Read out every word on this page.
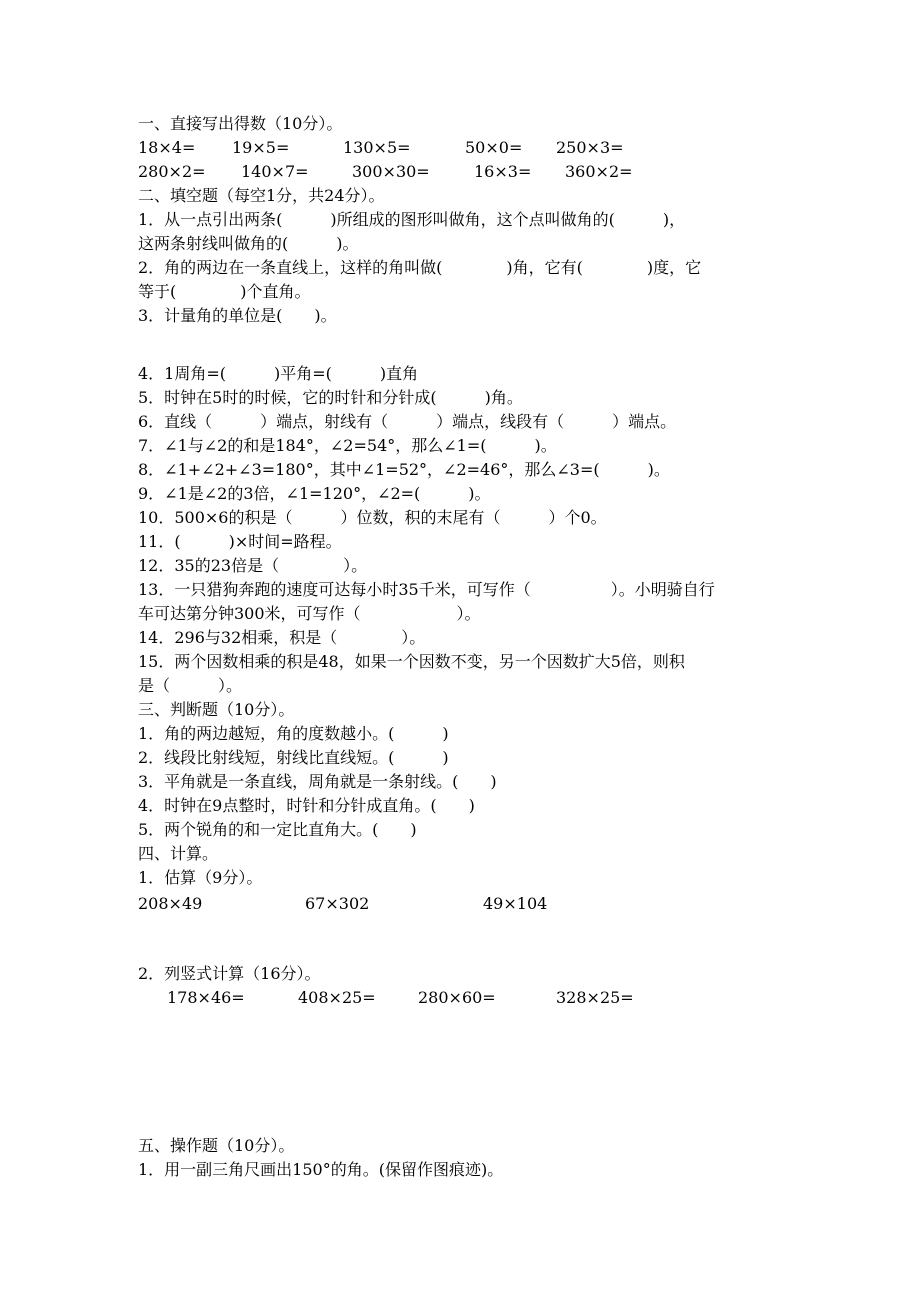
一、直接写出得数（10分）。
18×4= 19×5=	130×5=	50×0= 250×3=
280×2= 140×7=	300×30=	16×3= 360×2=
二、填空题（每空1分，共24分）。
1．从一点引出两条(　　　)所组成的图形叫做角，这个点叫做角的(　　　)，
这两条射线叫做角的(　　　)。
2．角的两边在一条直线上，这样的角叫做(　　　　)角，它有(　　　　)度，它
等于(　　　　)个直角。
3．计量角的单位是(　　)。
4．1周角=(　　　)平角=(　　　)直角
5．时钟在5时的时候，它的时针和分针成(　　　)角。
6．直线（　　　）端点，射线有（　　　）端点，线段有（　　　）端点。
7．∠1与∠2的和是184°，∠2=54°，那么∠1=(　　　)。
8．∠1+∠2+∠3=180°，其中∠1=52°，∠2=46°，那么∠3=(　　　)。
9．∠1是∠2的3倍，∠1=120°，∠2=(　　　)。
10．500×6的积是（　　　）位数，积的末尾有（　　　）个0。
11．(　　　)×时间=路程。
12．35的23倍是（　　　　）。
13．一只猎狗奔跑的速度可达每小时35千米，可写作（　　　　　）。小明骑自行
车可达第分钟300米，可写作（　　　　　　）。
14．296与32相乘，积是（　　　　）。
15．两个因数相乘的积是48，如果一个因数不变，另一个因数扩大5倍，则积
是（　　　）。
三、判断题（10分）。
1．角的两边越短，角的度数越小。(　　　)
2．线段比射线短，射线比直线短。(　　　)
3．平角就是一条直线，周角就是一条射线。(　　)
4．时钟在9点整时，时针和分针成直角。(　　)
5．两个锐角的和一定比直角大。(　　)
四、计算。
1．估算（9分）。
208×49	67×302	49×104
2．列竖式计算（16分）。
178×46=	408×25=	280×60=	328×25=
五、操作题（10分）。
1．用一副三角尺画出150°的角。(保留作图痕迹)。
